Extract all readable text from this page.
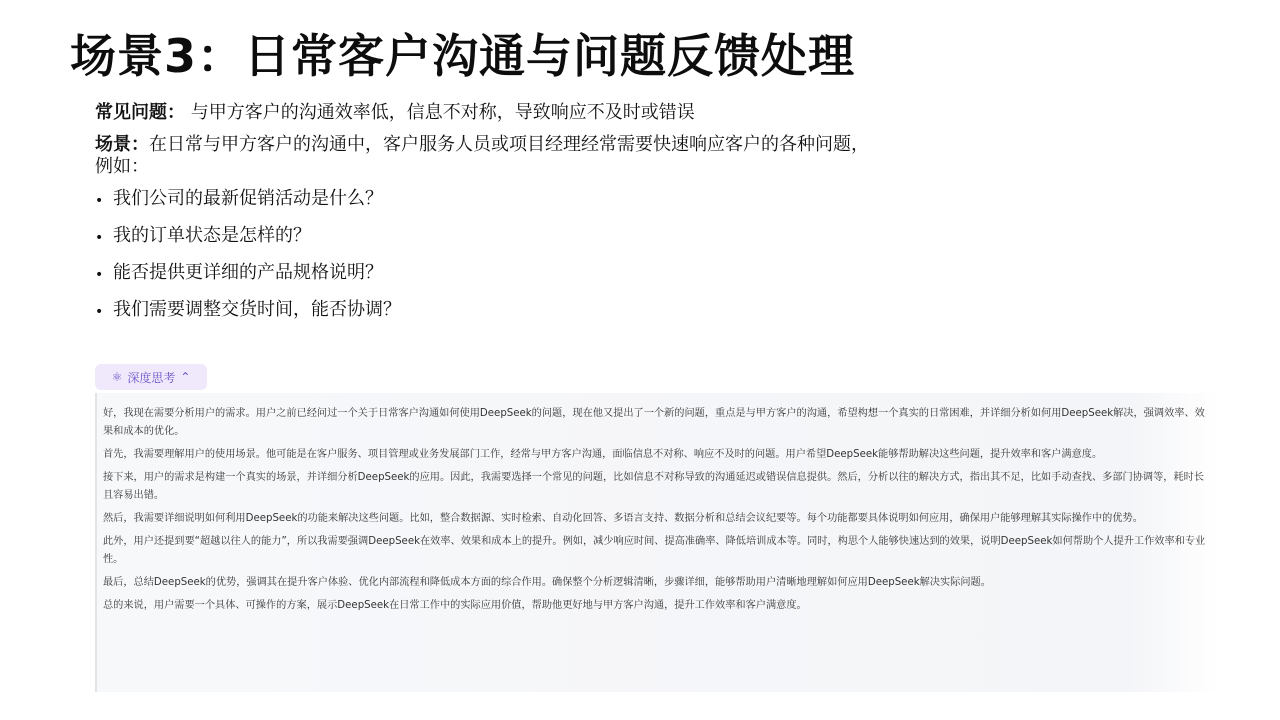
场景3：日常客户沟通与问题反馈处理

常见问题： 与甲方客户的沟通效率低，信息不对称，导致响应不及时或错误

场景：在日常与甲方客户的沟通中，客户服务人员或项目经理经常需要快速响应客户的各种问题，例如：

• 我们公司的最新促销活动是什么？
• 我的订单状态是怎样的？
• 能否提供更详细的产品规格说明？
• 我们需要调整交货时间，能否协调？
⚛ 深度思考 ⌃

好，我现在需要分析用户的需求。用户之前已经问过一个关于日常客户沟通如何使用DeepSeek的问题，现在他又提出了一个新的问题，重点是与甲方客户的沟通，希望构想一个真实的日常困难，并详细分析如何用DeepSeek解决，强调效率、效果和成本的优化。

首先，我需要理解用户的使用场景。他可能是在客户服务、项目管理或业务发展部门工作，经常与甲方客户沟通，面临信息不对称、响应不及时的问题。用户希望DeepSeek能够帮助解决这些问题，提升效率和客户满意度。

接下来，用户的需求是构建一个真实的场景，并详细分析DeepSeek的应用。因此，我需要选择一个常见的问题，比如信息不对称导致的沟通延迟或错误信息提供。然后，分析以往的解决方式，指出其不足，比如手动查找、多部门协调等，耗时长且容易出错。

然后，我需要详细说明如何利用DeepSeek的功能来解决这些问题。比如，整合数据源、实时检索、自动化回答、多语言支持、数据分析和总结会议纪要等。每个功能都要具体说明如何应用，确保用户能够理解其实际操作中的优势。

此外，用户还提到要“超越以往人的能力”，所以我需要强调DeepSeek在效率、效果和成本上的提升。例如，减少响应时间、提高准确率、降低培训成本等。同时，构思个人能够快速达到的效果，说明DeepSeek如何帮助个人提升工作效率和专业性。

最后，总结DeepSeek的优势，强调其在提升客户体验、优化内部流程和降低成本方面的综合作用。确保整个分析逻辑清晰，步骤详细，能够帮助用户清晰地理解如何应用DeepSeek解决实际问题。

总的来说，用户需要一个具体、可操作的方案，展示DeepSeek在日常工作中的实际应用价值，帮助他更好地与甲方客户沟通，提升工作效率和客户满意度。
